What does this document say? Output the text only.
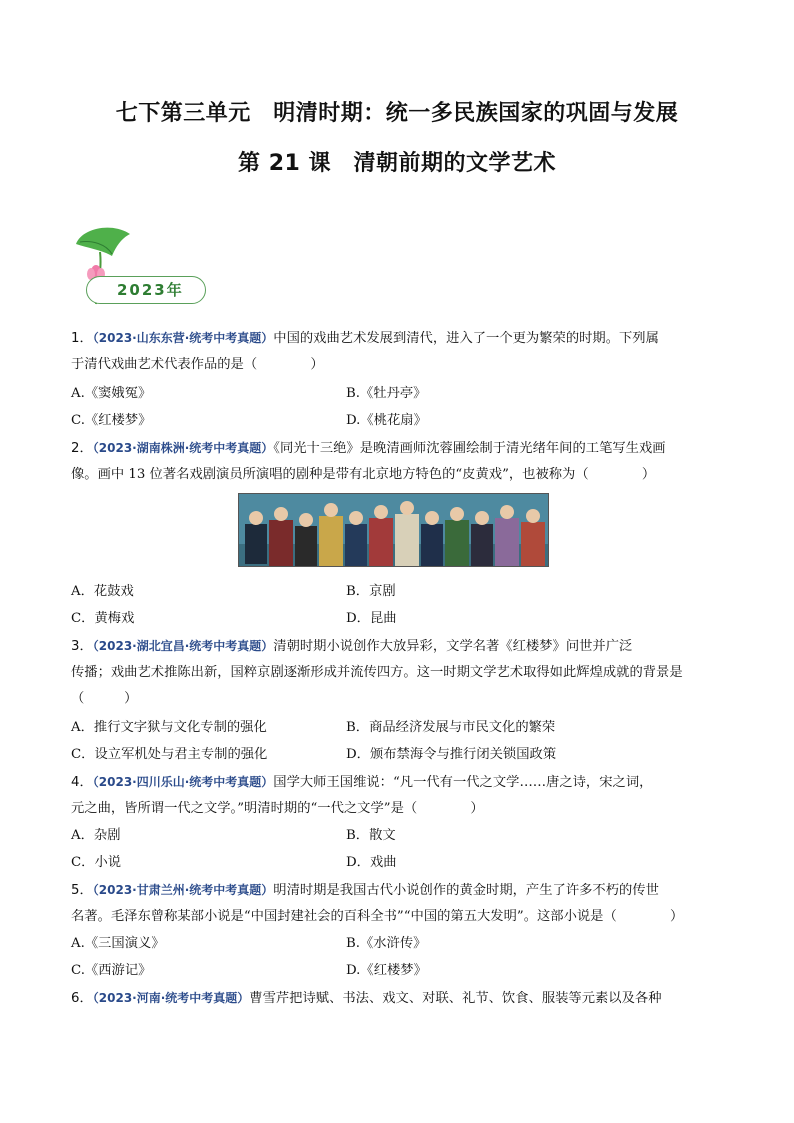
七下第三单元　明清时期：统一多民族国家的巩固与发展
第 21 课　清朝前期的文学艺术
2023年
1．（2023·山东东营·统考中考真题）中国的戏曲艺术发展到清代，进入了一个更为繁荣的时期。下列属
于清代戏曲艺术代表作品的是（　　　　）
A.《窦娥冤》	B.《牡丹亭》
C.《红楼梦》	D.《桃花扇》
2．（2023·湖南株洲·统考中考真题）《同光十三绝》是晚清画师沈蓉圃绘制于清光绪年间的工笔写生戏画
像。画中 13 位著名戏剧演员所演唱的剧种是带有北京地方特色的“皮黄戏”，也被称为（　　　　）
A．花鼓戏	B．京剧
C．黄梅戏	D．昆曲
3．（2023·湖北宜昌·统考中考真题）清朝时期小说创作大放异彩，文学名著《红楼梦》问世并广泛
传播；戏曲艺术推陈出新，国粹京剧逐渐形成并流传四方。这一时期文学艺术取得如此辉煌成就的背景是
（　　　）
A．推行文字狱与文化专制的强化	B．商品经济发展与市民文化的繁荣
C．设立军机处与君主专制的强化	D．颁布禁海令与推行闭关锁国政策
4．（2023·四川乐山·统考中考真题）国学大师王国维说：“凡一代有一代之文学……唐之诗，宋之词，
元之曲，皆所谓一代之文学。”明清时期的“一代之文学”是（　　　　）
A．杂剧	B．散文
C．小说	D．戏曲
5．（2023·甘肃兰州·统考中考真题）明清时期是我国古代小说创作的黄金时期，产生了许多不朽的传世
名著。毛泽东曾称某部小说是“中国封建社会的百科全书”“中国的第五大发明”。这部小说是（　　　　）
A.《三国演义》	B.《水浒传》
C.《西游记》	D.《红楼梦》
6．（2023·河南·统考中考真题）曹雪芹把诗赋、书法、戏文、对联、礼节、饮食、服装等元素以及各种
